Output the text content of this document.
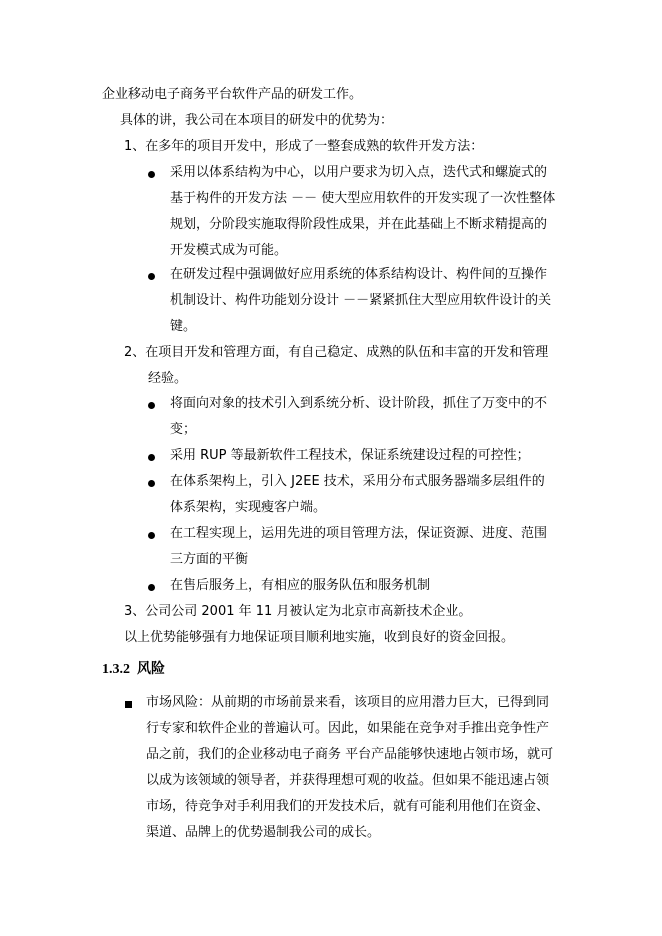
企业移动电子商务平台软件产品的研发工作。
具体的讲，我公司在本项目的研发中的优势为：
1、在多年的项目开发中，形成了一整套成熟的软件开发方法：
采用以体系结构为中心，以用户要求为切入点，迭代式和螺旋式的
基于构件的开发方法 －－ 使大型应用软件的开发实现了一次性整体
规划，分阶段实施取得阶段性成果，并在此基础上不断求精提高的
开发模式成为可能。
在研发过程中强调做好应用系统的体系结构设计、构件间的互操作
机制设计、构件功能划分设计 －－紧紧抓住大型应用软件设计的关
键。
2、在项目开发和管理方面，有自己稳定、成熟的队伍和丰富的开发和管理
经验。
将面向对象的技术引入到系统分析、设计阶段，抓住了万变中的不
变；
采用 RUP 等最新软件工程技术，保证系统建设过程的可控性；
在体系架构上，引入 J2EE 技术，采用分布式服务器端多层组件的
体系架构，实现瘦客户端。
在工程实现上，运用先进的项目管理方法，保证资源、进度、范围
三方面的平衡
在售后服务上，有相应的服务队伍和服务机制
3、公司公司 2001 年 11 月被认定为北京市高新技术企业。
以上优势能够强有力地保证项目顺利地实施，收到良好的资金回报。
1.3.2 风险
市场风险：从前期的市场前景来看，该项目的应用潜力巨大，已得到同
行专家和软件企业的普遍认可。因此，如果能在竞争对手推出竞争性产
品之前，我们的企业移动电子商务 平台产品能够快速地占领市场，就可
以成为该领域的领导者，并获得理想可观的收益。但如果不能迅速占领
市场，待竞争对手利用我们的开发技术后，就有可能利用他们在资金、
渠道、品牌上的优势遏制我公司的成长。
